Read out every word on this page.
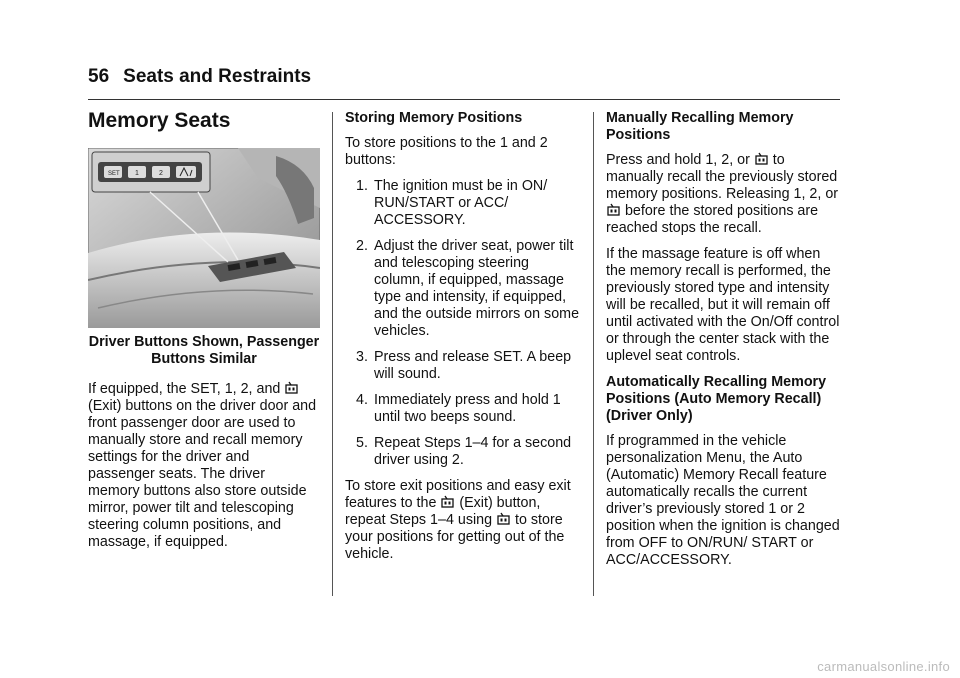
56 Seats and Restraints
Memory Seats
SET 1	2
Driver Buttons Shown, Passenger Buttons Similar

If equipped, the SET, 1, 2, and
(Exit) buttons on the driver door and front passenger door are used to manually store and recall memory settings for the driver and passenger seats. The driver memory buttons also store outside mirror, power tilt and telescoping steering column positions, and massage, if equipped.

Storing Memory Positions

To store positions to the 1 and 2 buttons:

1. The ignition must be in ON/ RUN/START or ACC/ ACCESSORY.
2. Adjust the driver seat, power tilt and telescoping steering column, if equipped, massage type and intensity, if equipped, and the outside mirrors on some vehicles.
3. Press and release SET. A beep will sound.
4. Immediately press and hold 1 until two beeps sound.
5. Repeat Steps 1–4 for a second driver using 2.

To store exit positions and easy exit features to the
(Exit) button, repeat Steps 1–4 using
to store your positions for getting out of the vehicle.

Manually Recalling Memory Positions

Press and hold 1, 2, or
to manually recall the previously stored memory positions. Releasing 1, 2, or
before the stored positions are reached stops the recall.

If the massage feature is off when the memory recall is performed, the previously stored type and intensity will be recalled, but it will remain off until activated with the On/Off control or through the center stack with the uplevel seat controls.

Automatically Recalling Memory Positions (Auto Memory Recall) (Driver Only)

If programmed in the vehicle personalization Menu, the Auto (Automatic) Memory Recall feature automatically recalls the current driver’s previously stored 1 or 2 position when the ignition is changed from OFF to ON/RUN/ START or ACC/ACCESSORY.

carmanualsonline.info
